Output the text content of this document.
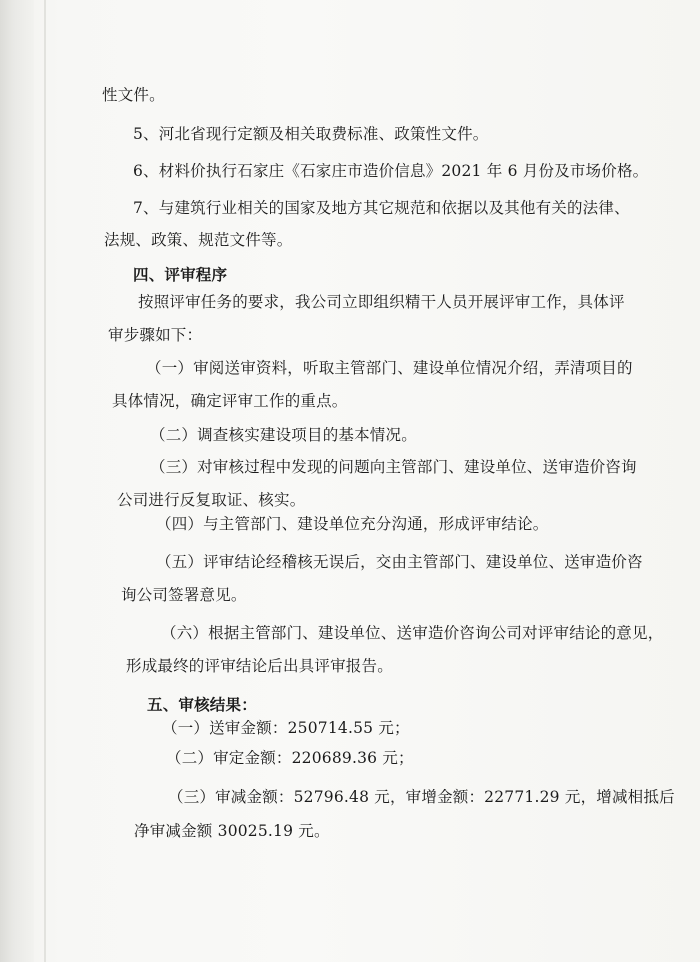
性文件。
5、河北省现行定额及相关取费标准、政策性文件。
6、材料价执行石家庄《石家庄市造价信息》2021 年 6 月份及市场价格。
7、与建筑行业相关的国家及地方其它规范和依据以及其他有关的法律、
法规、政策、规范文件等。
四、评审程序
按照评审任务的要求，我公司立即组织精干人员开展评审工作，具体评
审步骤如下：
（一）审阅送审资料，听取主管部门、建设单位情况介绍，弄清项目的
具体情况，确定评审工作的重点。
（二）调查核实建设项目的基本情况。
（三）对审核过程中发现的问题向主管部门、建设单位、送审造价咨询
公司进行反复取证、核实。
（四）与主管部门、建设单位充分沟通，形成评审结论。
（五）评审结论经稽核无误后，交由主管部门、建设单位、送审造价咨
询公司签署意见。
（六）根据主管部门、建设单位、送审造价咨询公司对评审结论的意见，
形成最终的评审结论后出具评审报告。
五、审核结果：
（一）送审金额：250714.55 元；
（二）审定金额：220689.36 元；
（三）审减金额：52796.48 元，审增金额：22771.29 元，增减相抵后
净审减金额 30025.19 元。
